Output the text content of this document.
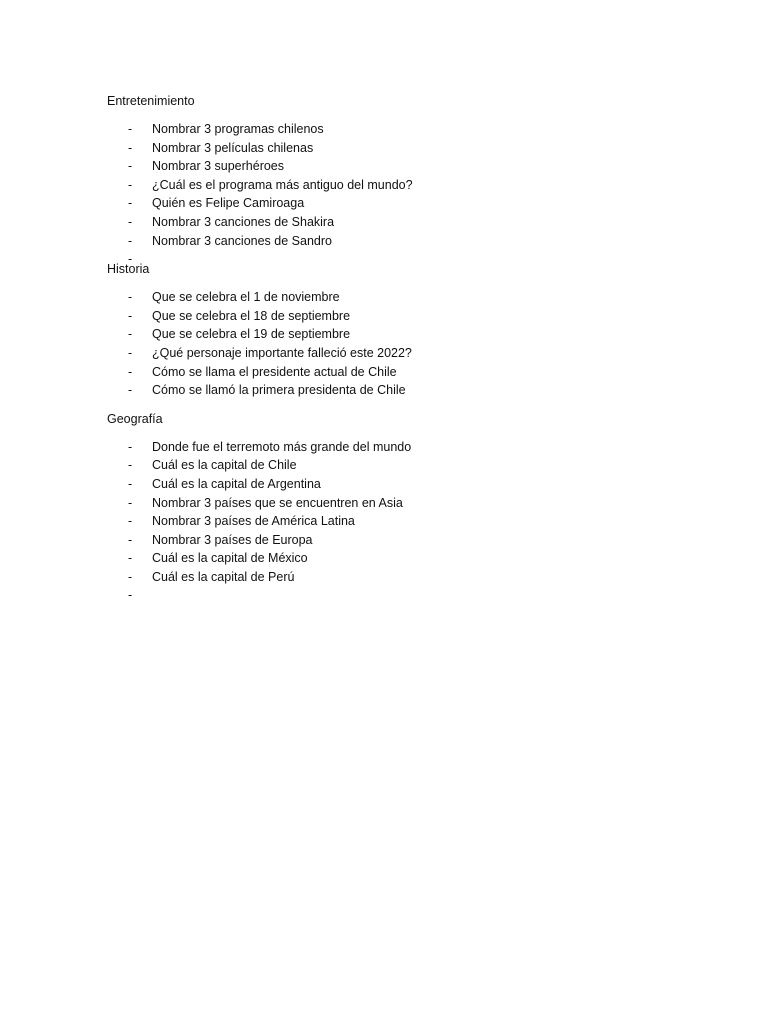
Entretenimiento

- Nombrar 3 programas chilenos
- Nombrar 3 películas chilenas
- Nombrar 3 superhéroes
- ¿Cuál es el programa más antiguo del mundo?
- Quién es Felipe Camiroaga
- Nombrar 3 canciones de Shakira
- Nombrar 3 canciones de Sandro
-

Historia

- Que se celebra el 1 de noviembre
- Que se celebra el 18 de septiembre
- Que se celebra el 19 de septiembre
- ¿Qué personaje importante falleció este 2022?
- Cómo se llama el presidente actual de Chile
- Cómo se llamó la primera presidenta de Chile

Geografía

- Donde fue el terremoto más grande del mundo
- Cuál es la capital de Chile
- Cuál es la capital de Argentina
- Nombrar 3 países que se encuentren en Asia
- Nombrar 3 países de América Latina
- Nombrar 3 países de Europa
- Cuál es la capital de México
- Cuál es la capital de Perú
-
